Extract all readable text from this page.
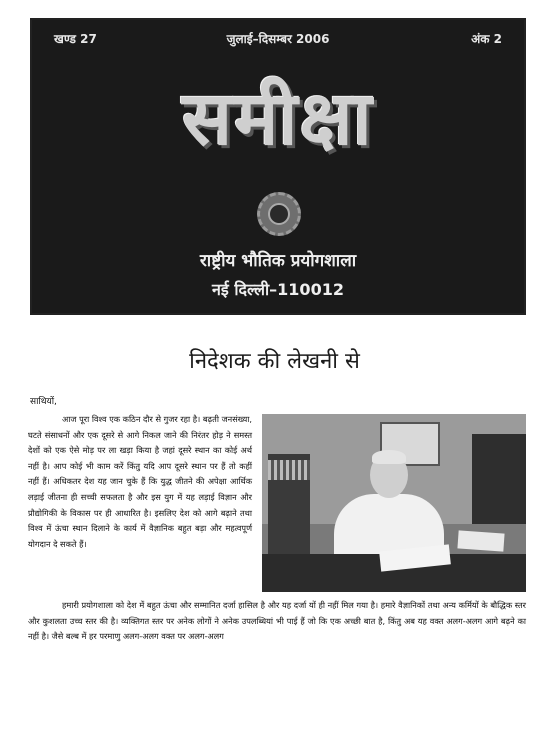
खण्ड 27	जुलाई–दिसम्बर 2006	अंक 2
समीक्षा
राष्ट्रीय भौतिक प्रयोगशाला
नई दिल्ली–110012
निदेशक की लेखनी से
साथियों,
आज पूरा विश्व एक कठिन दौर से गुजर रहा है। बढ़ती जनसंख्या, घटते संसाधनों और एक दूसरे से आगे निकल जाने की निरंतर होड़ ने समस्त देशों को एक ऐसे मोड़ पर ला खड़ा किया है जहां दूसरे स्थान का कोई अर्थ नहीं है। आप कोई भी काम करें किंतु यदि आप दूसरे स्थान पर हैं तो कहीं नहीं हैं। अधिकतर देश यह जान चुके हैं कि युद्ध जीतने की अपेक्षा आर्थिक लड़ाई जीतना ही सच्ची सफलता है और इस युग में यह लड़ाई विज्ञान और प्रौद्योगिकी के विकास पर ही आधारित है। इसलिए देश को आगे बढ़ाने तथा विश्व में ऊंचा स्थान दिलाने के कार्य में वैज्ञानिक बहुत बड़ा और महत्वपूर्ण योगदान दे सकते हैं।
हमारी प्रयोगशाला को देश में बहुत ऊंचा और सम्मानित दर्जा हासिल है और यह दर्जा यों ही नहीं मिल गया है। हमारे वैज्ञानिकों तथा अन्य कर्मियों के बौद्धिक स्तर और कुशलता उच्च स्तर की है। व्यक्तिगत स्तर पर अनेक लोगों ने अनेक उपलब्धियां भी पाई हैं जो कि एक अच्छी बात है, किंतु अब यह वक्त अलग-अलग आगे बढ़ने का नहीं है। जैसे बल्ब में हर परमाणु अलग-अलग वक्त पर अलग-अलग
